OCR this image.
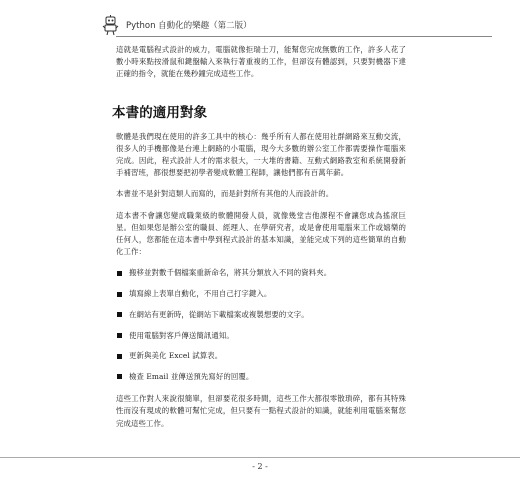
Python 自動化的樂趣（第二版）

這就是電腦程式設計的威力，電腦就像拒瑞士刀，能幫您完成無數的工作，許多人花了數小時來點按滑鼠和鍵盤輸入來執行著重複的工作，但卻沒有體認到，只要對機器下達正確的指令，就能在幾秒鐘完成這些工作。

本書的適用對象

軟體是我們現在使用的許多工具中的核心：幾乎所有人都在使用社群網路來互動交流，很多人的手機都像是台連上網路的小電腦，現今大多數的辦公室工作都需要操作電腦來完成。因此，程式設計人才的需求很大，一大堆的書籍、互動式網路教室和系統開發新手補習班，都很想要把初學者變成軟體工程師，讓他們都有百萬年薪。

本書並不是針對這類人而寫的，而是針對所有其他的人而設計的。

這本書不會讓您變成職業級的軟體開發人員，就像幾堂吉他課程不會讓您成為搖滾巨星。但如果您是辦公室的職員、經理人、在學研究者，或是會使用電腦來工作或嬉樂的任何人，您都能在這本書中學到程式設計的基本知識，並能完成下列的這些簡單的自動化工作：

搬移並對數千個檔案重新命名，將其分類放入不同的資料夾。
填寫線上表單自動化，不用自己打字鍵入。
在網站有更新時，從網站下載檔案或複製想要的文字。
使用電腦對客戶傳送簡訊通知。
更新與美化 Excel 試算表。
檢查 Email 並傳送預先寫好的回覆。

這些工作對人來說很簡單，但卻要花很多時間，這些工作大都很零散瑣碎，都有其特殊性而沒有現成的軟體可幫忙完成，但只要有一點程式設計的知識，就能利用電腦來幫您完成這些工作。

- 2 -
